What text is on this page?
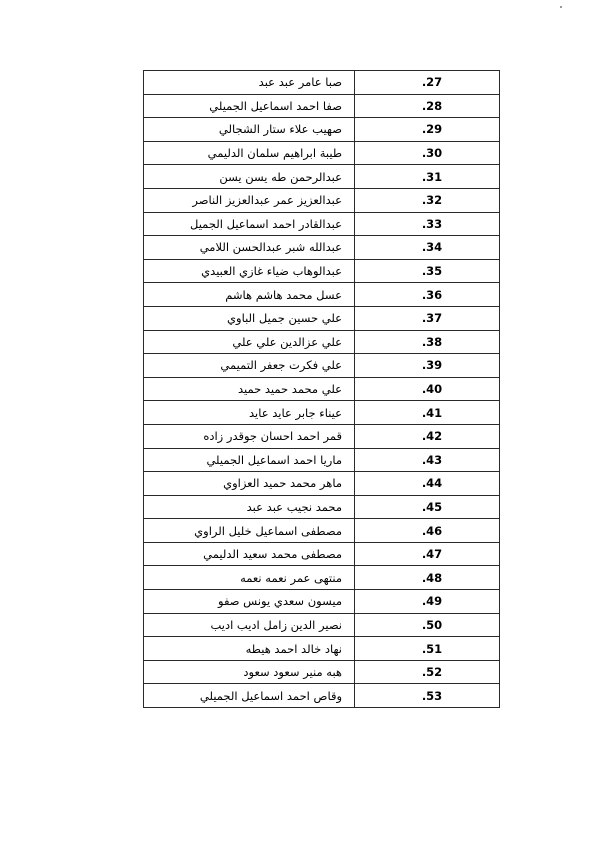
صبا عامر عبد عبد	.27
صفا احمد اسماعيل الجميلي	.28
صهيب علاء ستار الشجالي	.29
طيبة ابراهيم سلمان الدليمي	.30
عبدالرحمن طه يسن يسن	.31
عبدالعزيز عمر عبدالعزيز الناصر	.32
عبدالقادر احمد اسماعيل الجميل	.33
عبدالله شبر عبدالحسن اللامي	.34
عبدالوهاب ضياء غازي العبيدي	.35
عسل محمد هاشم هاشم	.36
علي حسين جميل الباوي	.37
علي عزالدين علي علي	.38
علي فكرت جعفر التميمي	.39
علي محمد حميد حميد	.40
عيناء جابر عايد عايد	.41
قمر احمد احسان جوقدر زاده	.42
ماريا احمد اسماعيل الجميلي	.43
ماهر محمد حميد العزاوي	.44
محمد نجيب عبد عبد	.45
مصطفى اسماعيل خليل الراوي	.46
مصطفى محمد سعيد الدليمي	.47
منتهى عمر نعمه نعمه	.48
ميسون سعدي يونس صفو	.49
نصير الدين زامل اديب اديب	.50
نهاد خالد احمد هيطه	.51
هبه منير سعود سعود	.52
وقاص احمد اسماعيل الجميلي	.53
